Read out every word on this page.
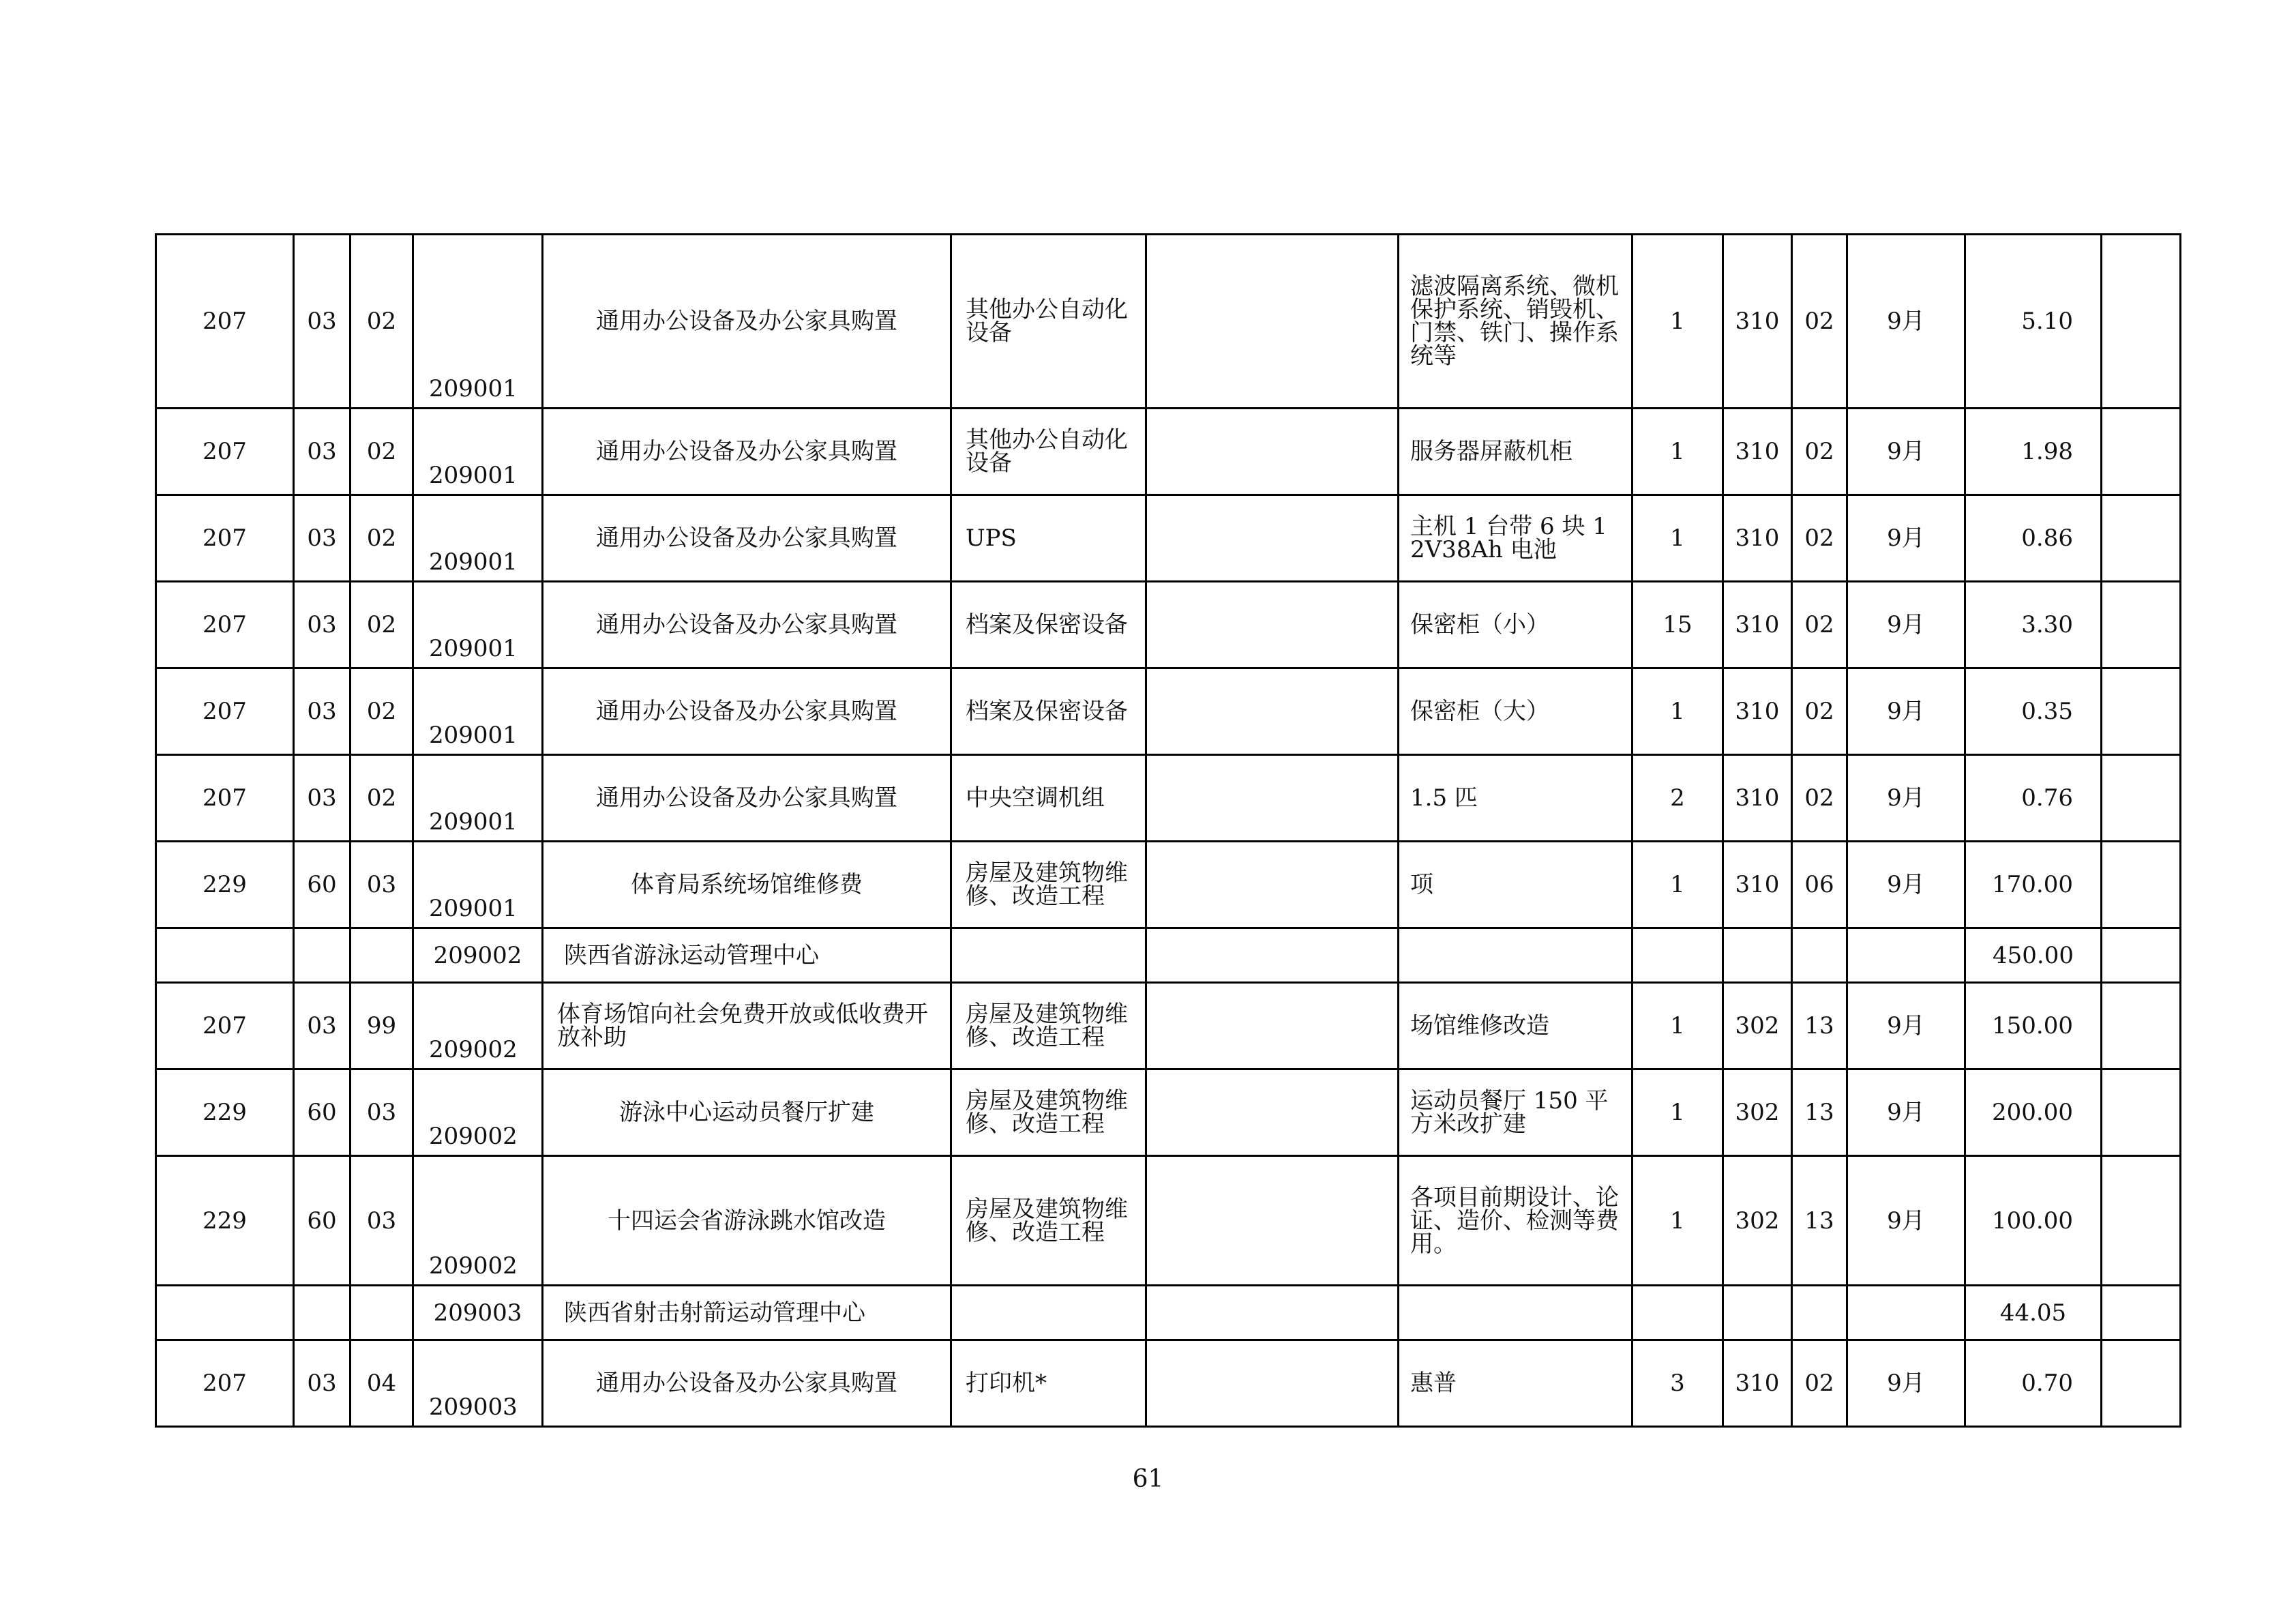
207	03	02	209001	通用办公设备及办公家具购置	其他办公自动化设备		滤波隔离系统、微机保护系统、销毁机、门禁、铁门、操作系统等	1	310	02	9月	5.10	
207	03	02	209001	通用办公设备及办公家具购置	其他办公自动化设备		服务器屏蔽机柜	1	310	02	9月	1.98	
207	03	02	209001	通用办公设备及办公家具购置	UPS		主机 1 台带 6 块 12V38Ah 电池	1	310	02	9月	0.86	
207	03	02	209001	通用办公设备及办公家具购置	档案及保密设备		保密柜（小）	15	310	02	9月	3.30	
207	03	02	209001	通用办公设备及办公家具购置	档案及保密设备		保密柜（大）	1	310	02	9月	0.35	
207	03	02	209001	通用办公设备及办公家具购置	中央空调机组		1.5 匹	2	310	02	9月	0.76	
229	60	03	209001	体育局系统场馆维修费	房屋及建筑物维修、改造工程		项	1	310	06	9月	170.00	
			209002	陕西省游泳运动管理中心								450.00	
207	03	99	209002	体育场馆向社会免费开放或低收费开放补助	房屋及建筑物维修、改造工程		场馆维修改造	1	302	13	9月	150.00	
229	60	03	209002	游泳中心运动员餐厅扩建	房屋及建筑物维修、改造工程		运动员餐厅 150 平方米改扩建	1	302	13	9月	200.00	
229	60	03	209002	十四运会省游泳跳水馆改造	房屋及建筑物维修、改造工程		各项目前期设计、论证、造价、检测等费用。	1	302	13	9月	100.00	
			209003	陕西省射击射箭运动管理中心								44.05	
207	03	04	209003	通用办公设备及办公家具购置	打印机*		惠普	3	310	02	9月	0.70	
61
